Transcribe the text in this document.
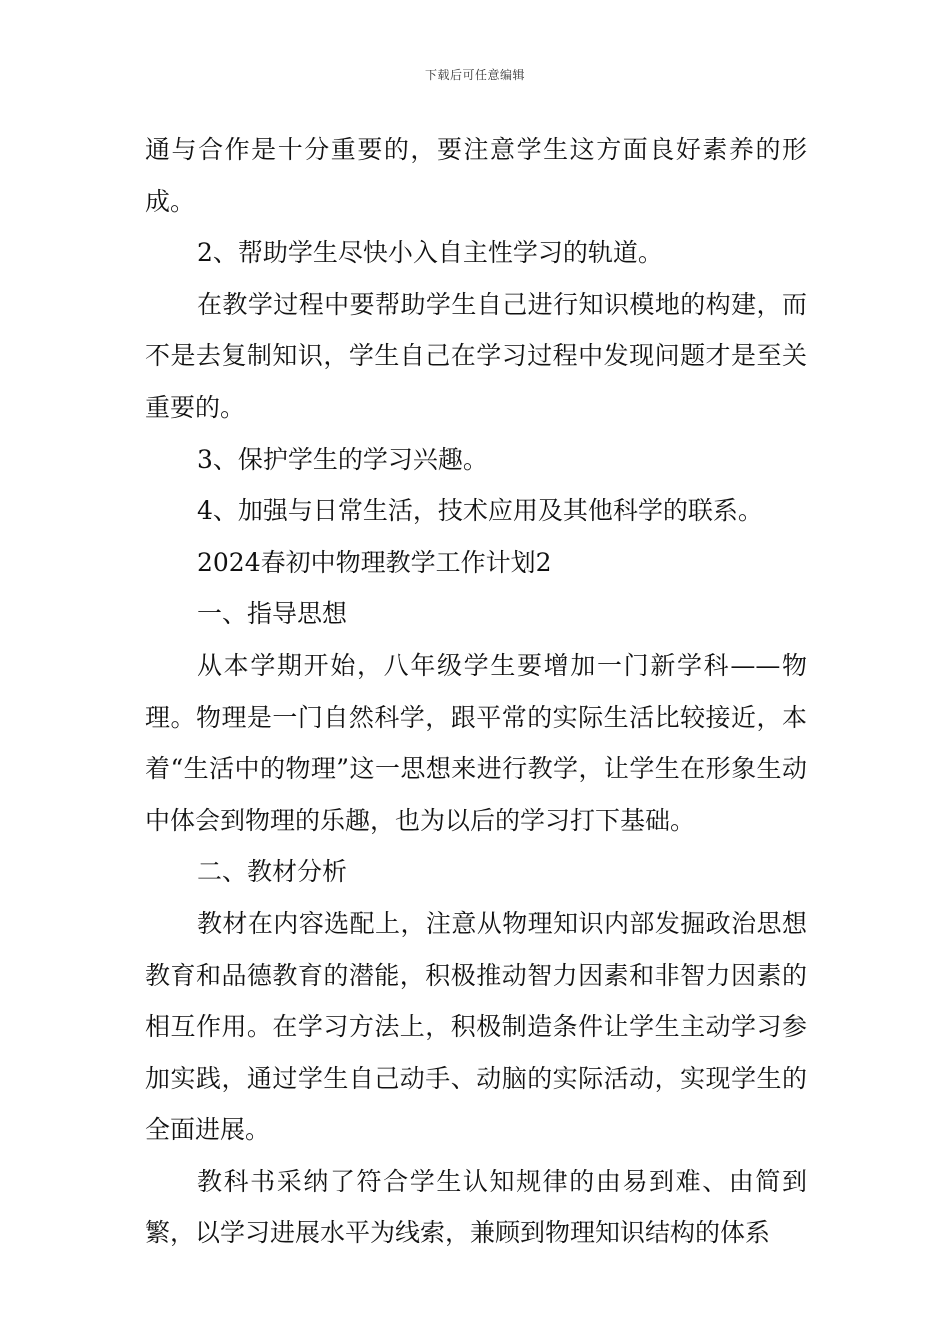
下载后可任意编辑

通与合作是十分重要的，要注意学生这方面良好素养的形成。

2、帮助学生尽快小入自主性学习的轨道。

在教学过程中要帮助学生自己进行知识模地的构建，而不是去复制知识，学生自己在学习过程中发现问题才是至关重要的。

3、保护学生的学习兴趣。

4、加强与日常生活，技术应用及其他科学的联系。

2024春初中物理教学工作计划2

一、指导思想

从本学期开始，八年级学生要增加一门新学科——物理。物理是一门自然科学，跟平常的实际生活比较接近，本着“生活中的物理”这一思想来进行教学，让学生在形象生动中体会到物理的乐趣，也为以后的学习打下基础。

二、教材分析

教材在内容选配上，注意从物理知识内部发掘政治思想教育和品德教育的潜能，积极推动智力因素和非智力因素的相互作用。在学习方法上，积极制造条件让学生主动学习参加实践，通过学生自己动手、动脑的实际活动，实现学生的全面进展。

教科书采纳了符合学生认知规律的由易到难、由简到繁，以学习进展水平为线索，兼顾到物理知识结构的体系
